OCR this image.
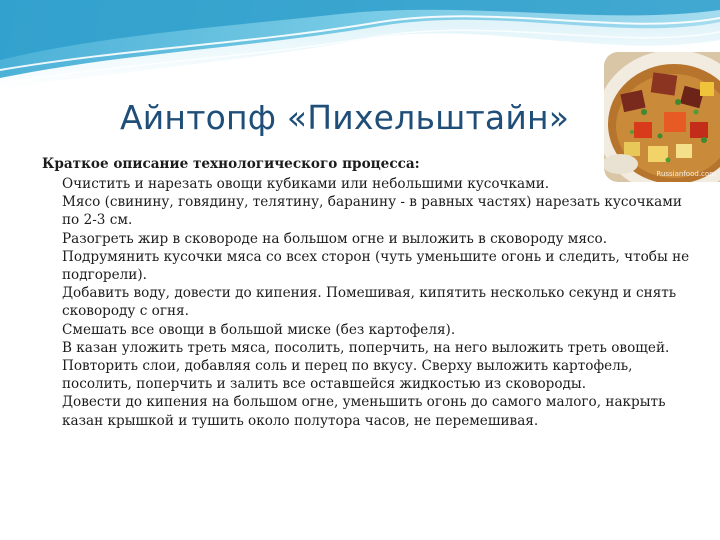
Russianfood.com
Айнтопф «Пихельштайн»

Краткое описание технологического процесса:

Очистить и нарезать овощи кубиками или небольшими кусочками.

Мясо (свинину, говядину, телятину, баранину - в равных частях) нарезать кусочками по 2-3 см.

Разогреть жир в сковороде на большом огне и выложить в сковороду мясо. Подрумянить кусочки мяса со всех сторон (чуть уменьшите огонь и следить, чтобы не подгорели).

Добавить воду, довести до кипения. Помешивая, кипятить несколько секунд и снять сковороду с огня.

Смешать все овощи в большой миске (без картофеля).

В казан уложить треть мяса, посолить, поперчить, на него выложить треть овощей. Повторить слои, добавляя соль и перец по вкусу. Сверху выложить картофель, посолить, поперчить и залить все оставшейся жидкостью из сковороды.

Довести до кипения на большом огне, уменьшить огонь до самого малого, накрыть казан крышкой и тушить около полутора часов, не перемешивая.
